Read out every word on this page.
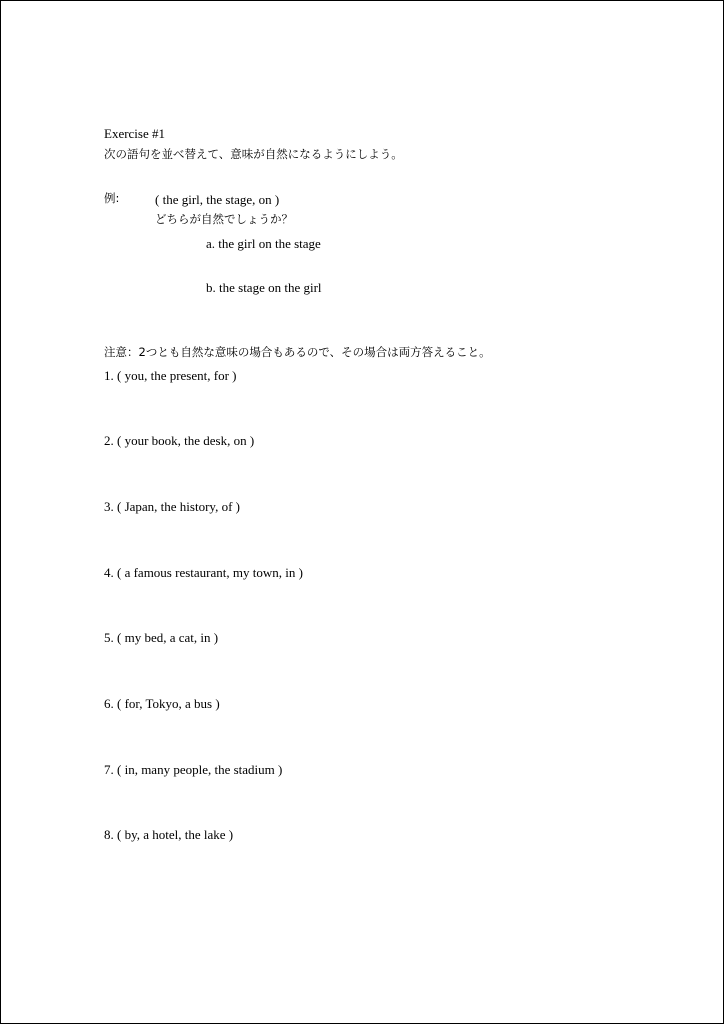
Exercise #1
次の語句を並べ替えて、意味が自然になるようにしよう。
例:	( the girl, the stage, on )
どちらが自然でしょうか？
a. the girl on the stage
b. the stage on the girl
注意：2つとも自然な意味の場合もあるので、その場合は両方答えること。
1. ( you, the present, for )
2. ( your book, the desk, on )
3. ( Japan, the history, of )
4. ( a famous restaurant, my town, in )
5. ( my bed, a cat, in )
6. ( for, Tokyo, a bus )
7. ( in, many people, the stadium )
8. ( by, a hotel, the lake )
